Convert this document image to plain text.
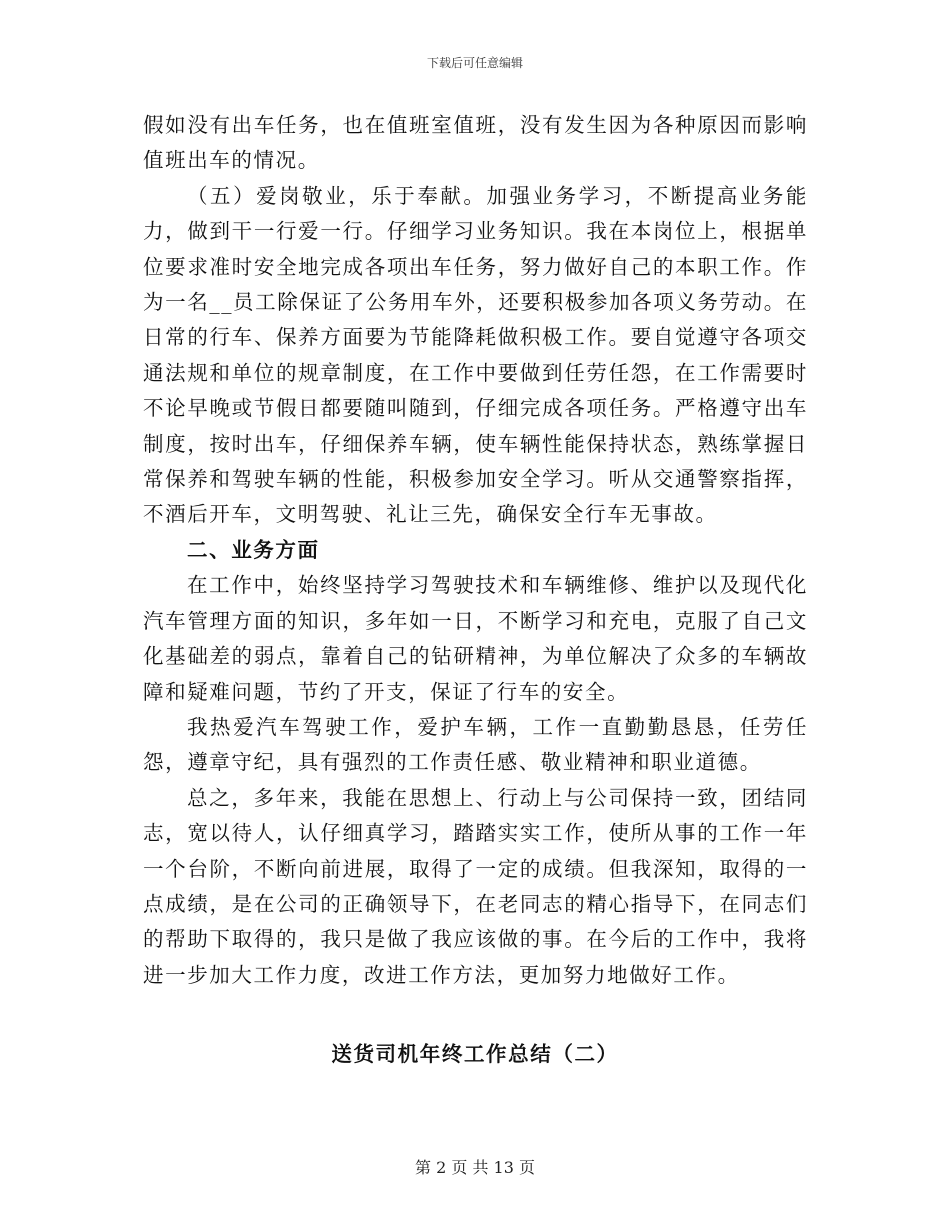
下载后可任意编辑

假如没有出车任务，也在值班室值班，没有发生因为各种原因而影响值班出车的情况。

（五）爱岗敬业，乐于奉献。加强业务学习，不断提高业务能力，做到干一行爱一行。仔细学习业务知识。我在本岗位上，根据单位要求准时安全地完成各项出车任务，努力做好自己的本职工作。作为一名__员工除保证了公务用车外，还要积极参加各项义务劳动。在日常的行车、保养方面要为节能降耗做积极工作。要自觉遵守各项交通法规和单位的规章制度，在工作中要做到任劳任怨，在工作需要时不论早晚或节假日都要随叫随到，仔细完成各项任务。严格遵守出车制度，按时出车，仔细保养车辆，使车辆性能保持状态，熟练掌握日常保养和驾驶车辆的性能，积极参加安全学习。听从交通警察指挥，不酒后开车，文明驾驶、礼让三先，确保安全行车无事故。

二、业务方面

在工作中，始终坚持学习驾驶技术和车辆维修、维护以及现代化汽车管理方面的知识，多年如一日，不断学习和充电，克服了自己文化基础差的弱点，靠着自己的钻研精神，为单位解决了众多的车辆故障和疑难问题，节约了开支，保证了行车的安全。

我热爱汽车驾驶工作，爱护车辆，工作一直勤勤恳恳，任劳任怨，遵章守纪，具有强烈的工作责任感、敬业精神和职业道德。

总之，多年来，我能在思想上、行动上与公司保持一致，团结同志，宽以待人，认仔细真学习，踏踏实实工作，使所从事的工作一年一个台阶，不断向前进展，取得了一定的成绩。但我深知，取得的一点成绩，是在公司的正确领导下，在老同志的精心指导下，在同志们的帮助下取得的，我只是做了我应该做的事。在今后的工作中，我将进一步加大工作力度，改进工作方法，更加努力地做好工作。

送货司机年终工作总结（二）
第 2 页 共 13 页
